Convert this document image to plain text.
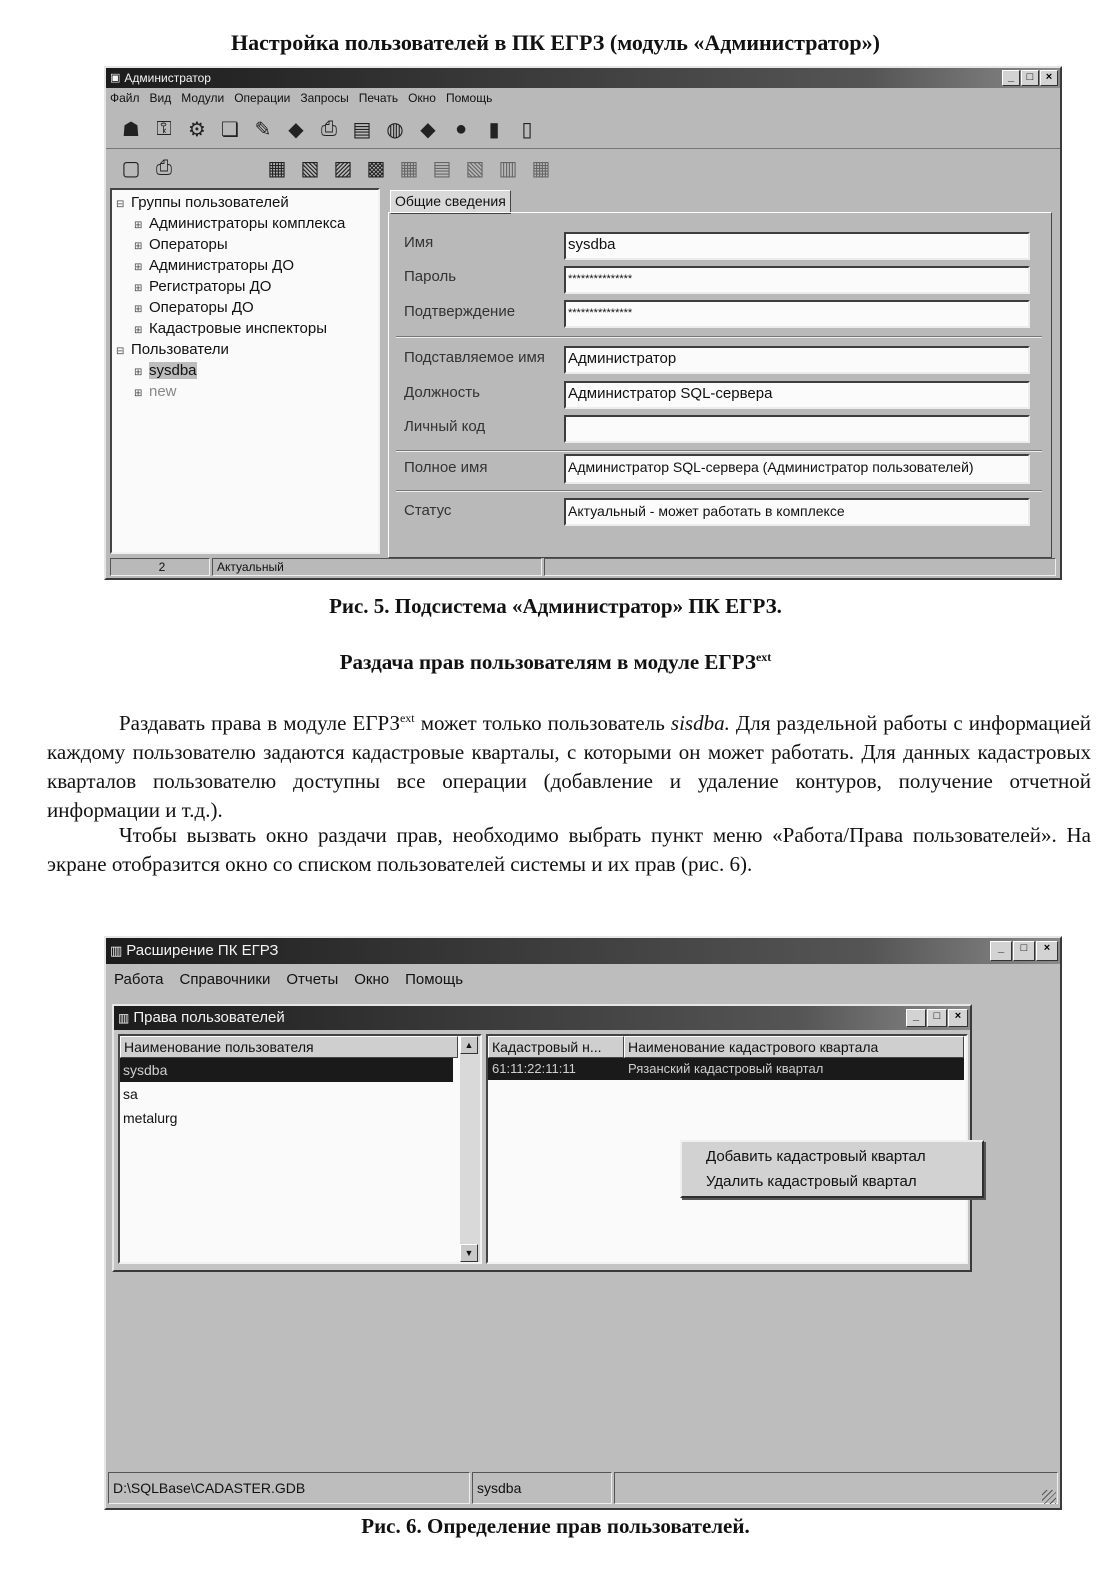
Настройка пользователей в ПК ЕГРЗ (модуль «Администратор»)
▣ Администратор	_	□	×
Файл Вид Модули Операции Запросы Печать Окно Помощь
☗ ⚿ ⚙ ❏ ✎ ◆ ⎙ ▤ ◍ ◆ ●	▮	▯
▢ ⎙	▦ ▧ ▨ ▩ ▦ ▤ ▧ ▥ ▦
⊟ Группы пользователей
⊞ Администраторы комплекса
⊞ Операторы
⊞ Администраторы ДО
⊞ Регистраторы ДО
⊞ Операторы ДО
⊞ Кадастровые инспекторы
⊟ Пользователи
⊞ sysdba
⊞ new
Общие сведения
Имя	sysdba
Пароль	***************
Подтверждение	***************
Подставляемое имя Администратор
Должность	Администратор SQL-сервера
Личный код
Полное имя	Администратор SQL-сервера (Администратор пользователей)
Статус	Актуальный - может работать в комплексе
2	Актуальный
Рис. 5. Подсистема «Администратор» ПК ЕГРЗ.
Раздача прав пользователям в модуле $ЕГРЗ^{ext}$
Раздавать права в модуле $ЕГРЗ^{ext}$ может только пользователь sisdba. Для раздельной работы с информацией каждому пользователю задаются кадастровые кварталы, с которыми он может работать. Для данных кадастровых кварталов пользователю доступны все операции (добавление и удаление контуров, получение отчетной информации и т.д.).
Чтобы вызвать окно раздачи прав, необходимо выбрать пункт меню «Работа/Права пользователей». На экране отобразится окно со списком пользователей системы и их прав (рис. 6).
▥ Расширение ПК ЕГРЗ	_	□	×
Работа	Справочники	Отчеты	Окно	Помощь
▥ Права пользователей	_	□	×
Наименование пользователя
sysdba
sa
metalurg
▲
▼
Кадастровый н...	Наименование кадастрового квартала
61:11:22:11:11	Рязанский кадастровый квартал
Добавить кадастровый квартал
Удалить кадастровый квартал
D:\SQLBase\CADASTER.GDB	sysdba
Рис. 6. Определение прав пользователей.
